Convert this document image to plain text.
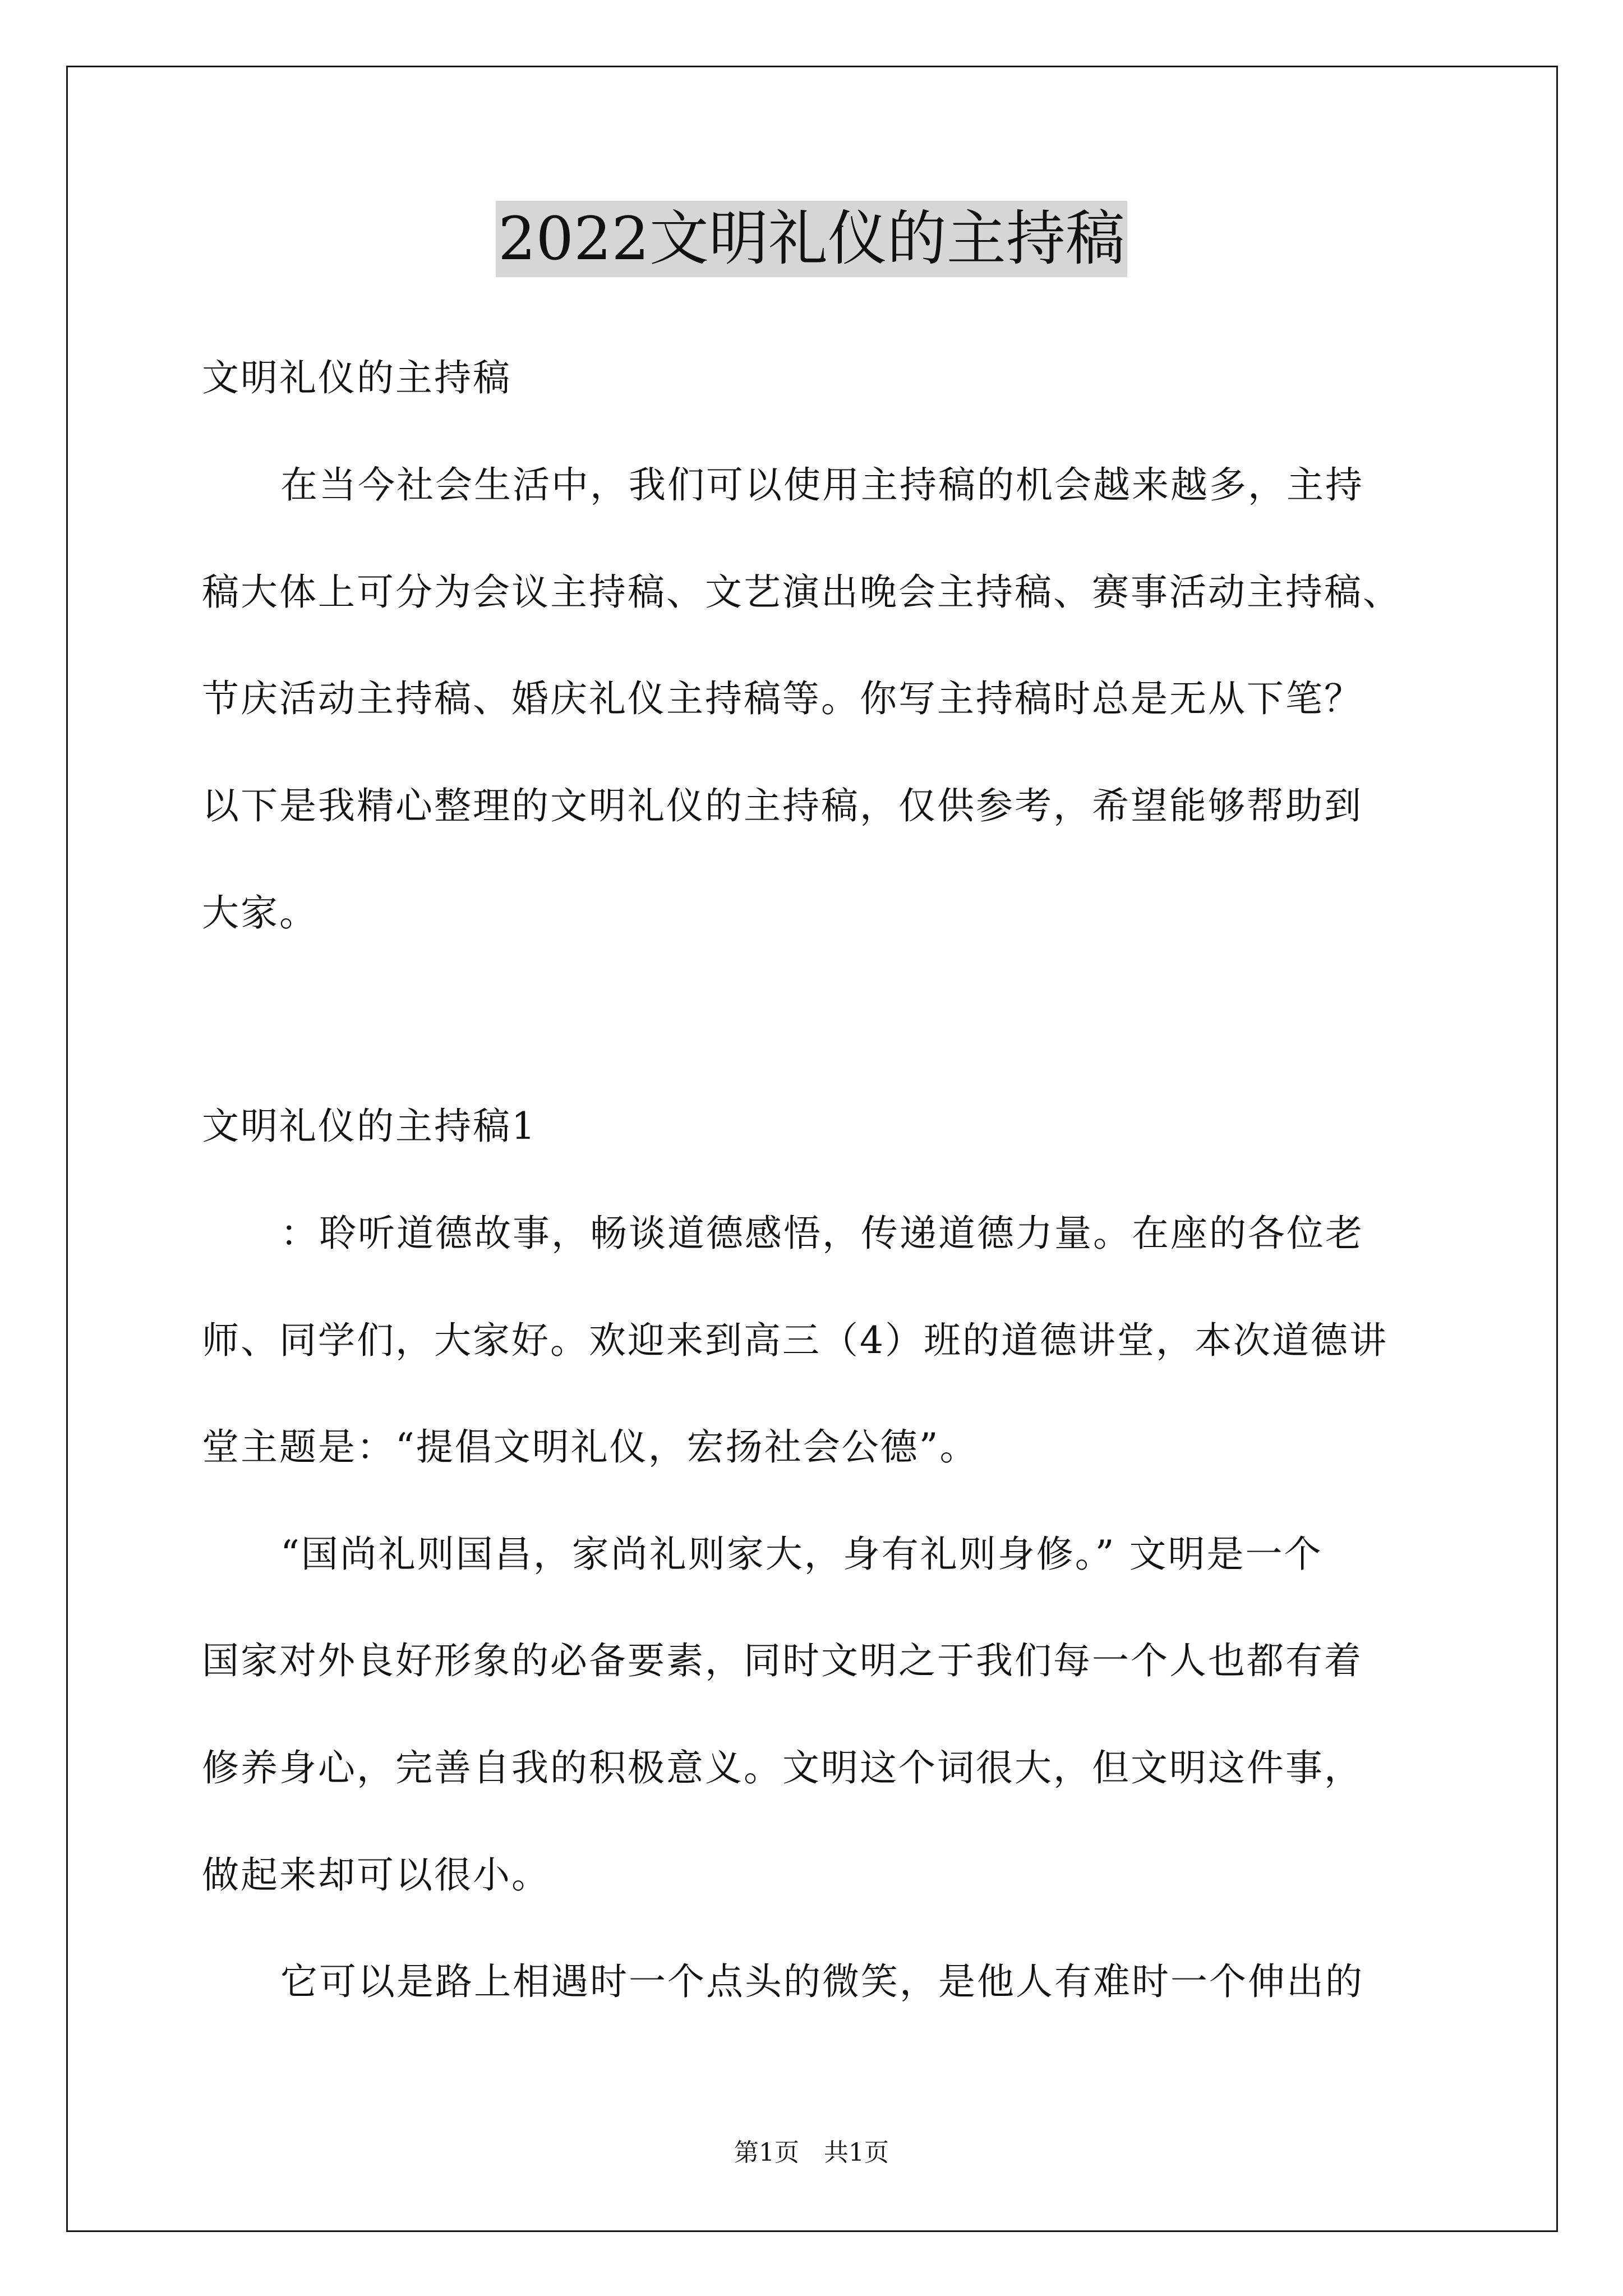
2022文明礼仪的主持稿
文明礼仪的主持稿
在当今社会生活中，我们可以使用主持稿的机会越来越多，主持
稿大体上可分为会议主持稿、文艺演出晚会主持稿、赛事活动主持稿、
节庆活动主持稿、婚庆礼仪主持稿等。你写主持稿时总是无从下笔？
以下是我精心整理的文明礼仪的主持稿，仅供参考，希望能够帮助到
大家。
文明礼仪的主持稿1
：聆听道德故事，畅谈道德感悟，传递道德力量。在座的各位老
师、同学们，大家好。欢迎来到高三（4）班的道德讲堂，本次道德讲
堂主题是：“提倡文明礼仪，宏扬社会公德”。
“国尚礼则国昌，家尚礼则家大，身有礼则身修。” 文明是一个
国家对外良好形象的必备要素，同时文明之于我们每一个人也都有着
修养身心，完善自我的积极意义。文明这个词很大，但文明这件事，
做起来却可以很小。
它可以是路上相遇时一个点头的微笑，是他人有难时一个伸出的
第1页　共1页
